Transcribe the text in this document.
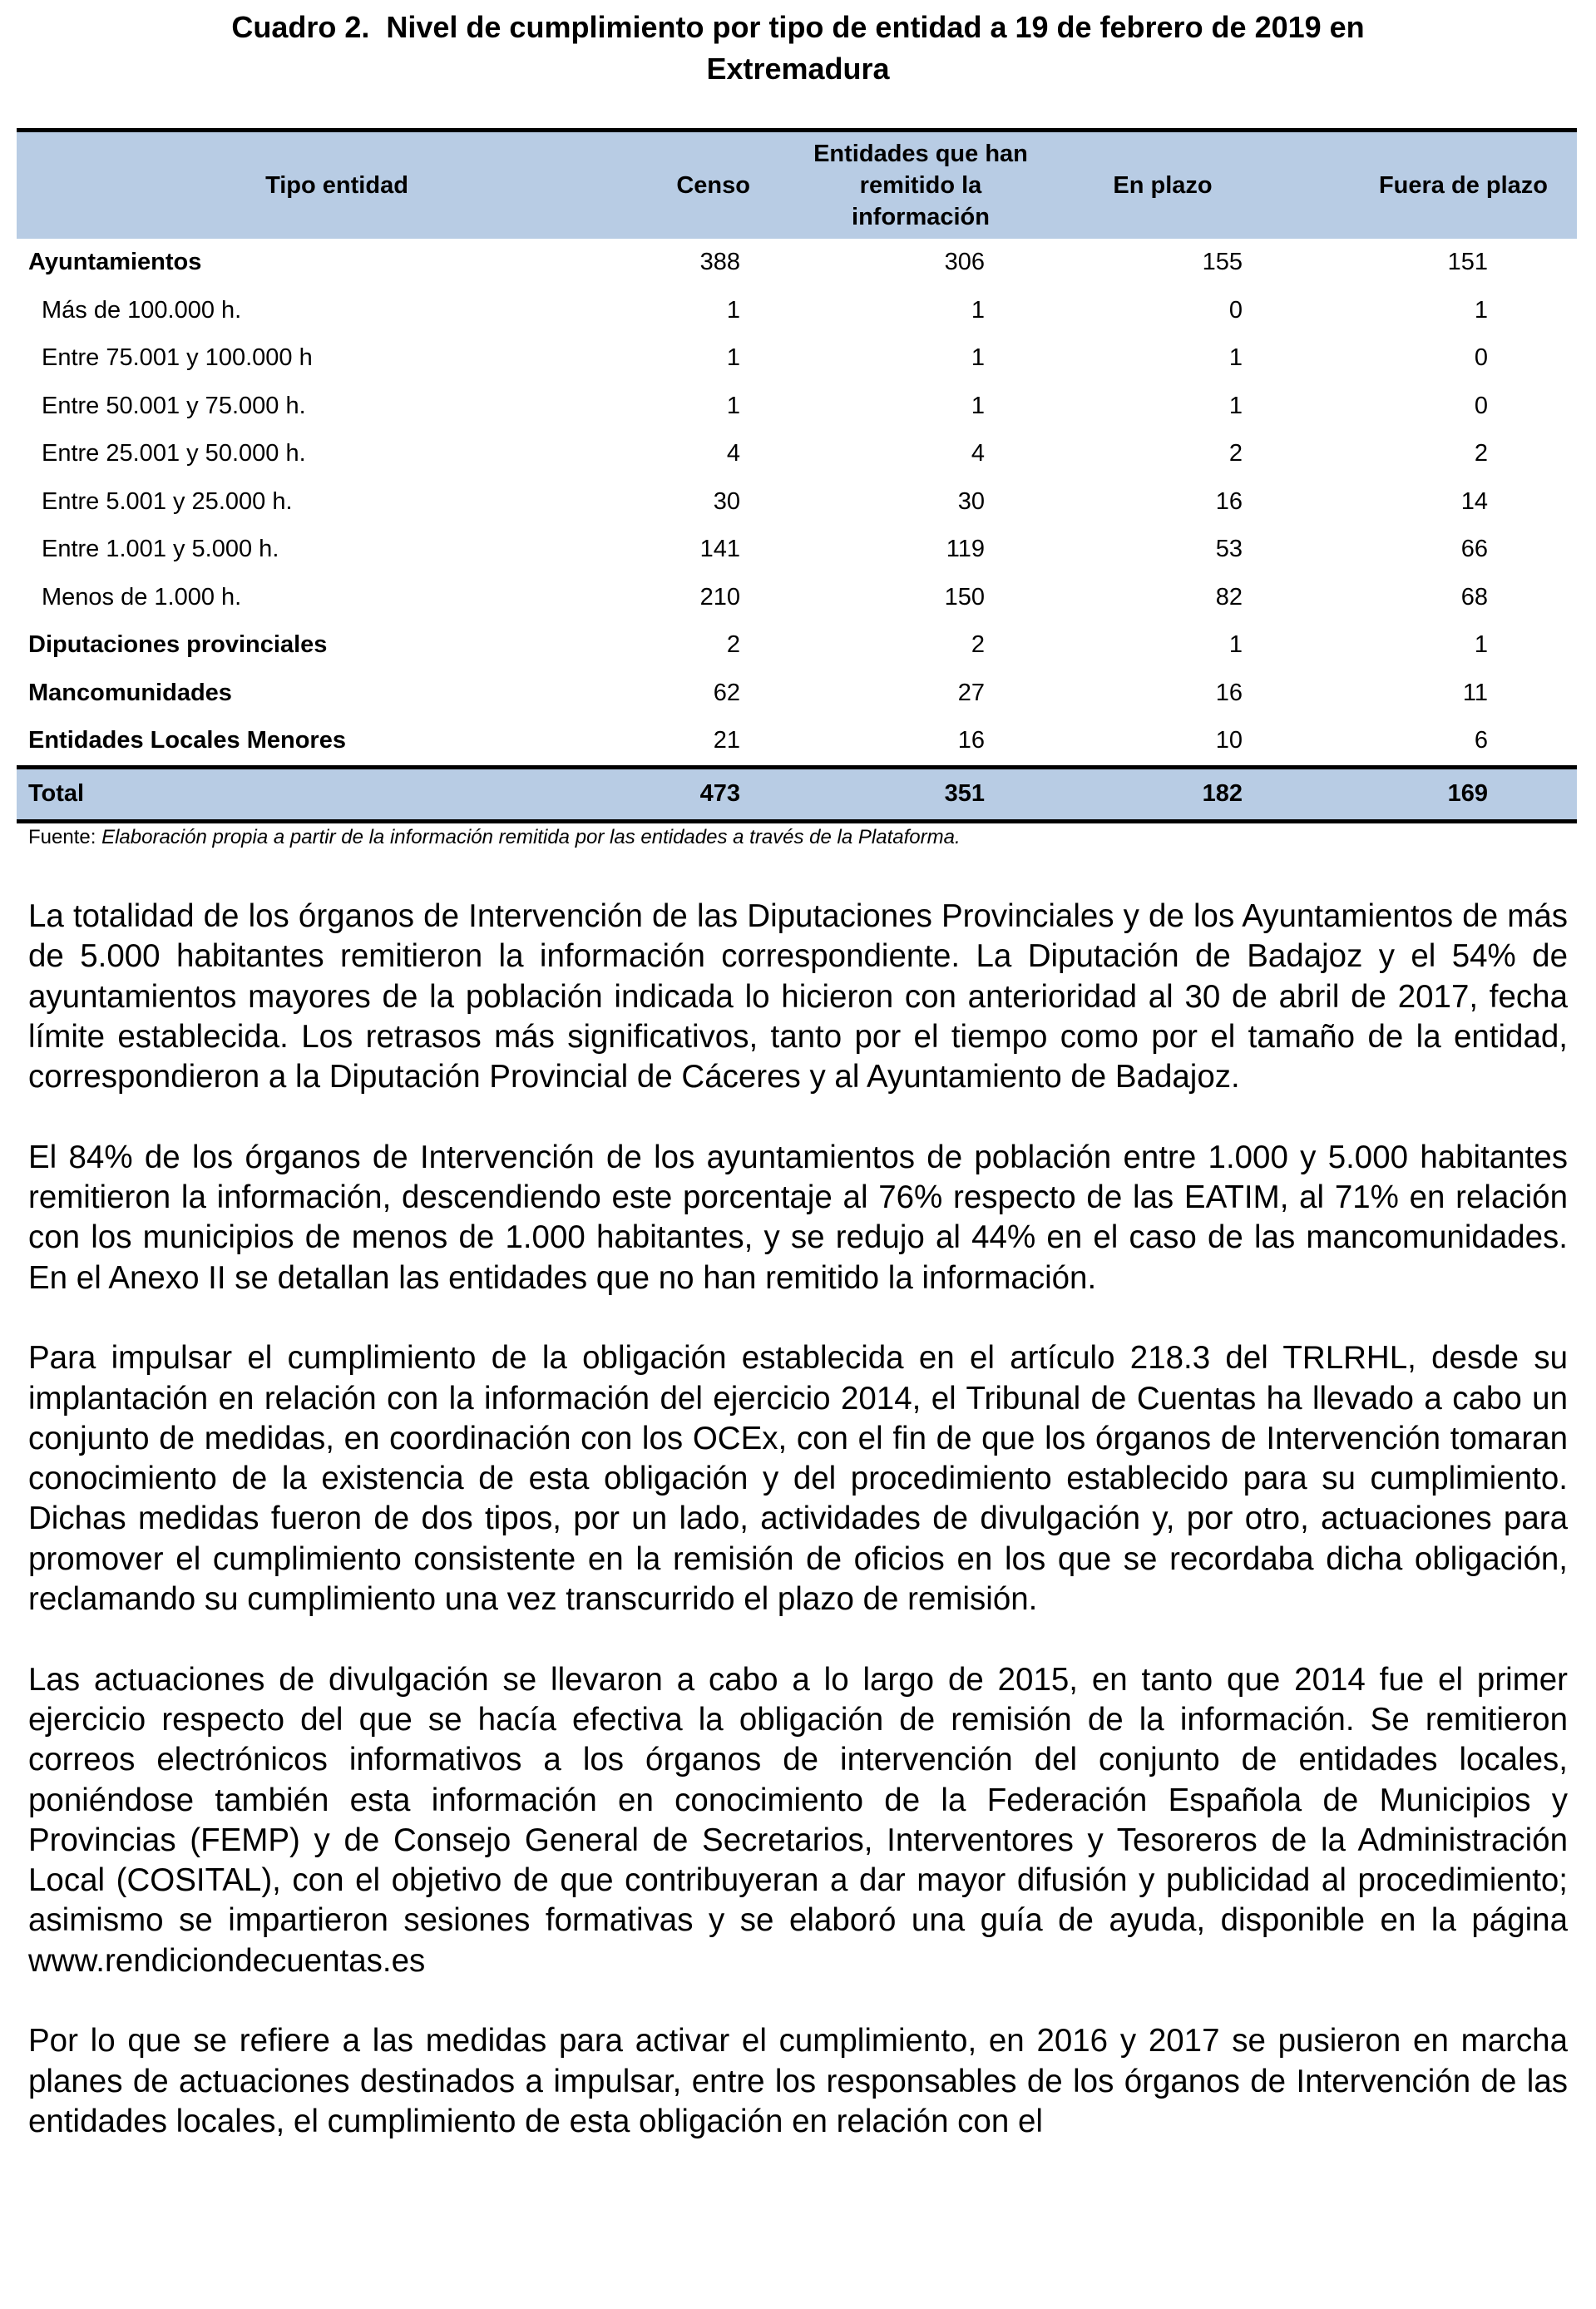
Cuadro 2. Nivel de cumplimiento por tipo de entidad a 19 de febrero de 2019 en
Extremadura
Tipo entidad	Censo	Entidades que han remitido la información	En plazo	Fuera de plazo
Ayuntamientos	388	306	155	151
Más de 100.000 h.	1	1	0	1
Entre 75.001 y 100.000 h	1	1	1	0
Entre 50.001 y 75.000 h.	1	1	1	0
Entre 25.001 y 50.000 h.	4	4	2	2
Entre 5.001 y 25.000 h.	30	30	16	14
Entre 1.001 y 5.000 h.	141	119	53	66
Menos de 1.000 h.	210	150	82	68
Diputaciones provinciales	2	2	1	1
Mancomunidades	62	27	16	11
Entidades Locales Menores	21	16	10	6
Total	473	351	182	169
Fuente: Elaboración propia a partir de la información remitida por las entidades a través de la Plataforma.

La totalidad de los órganos de Intervención de las Diputaciones Provinciales y de los Ayuntamientos de más de 5.000 habitantes remitieron la información correspondiente. La Diputación de Badajoz y el 54% de ayuntamientos mayores de la población indicada lo hicieron con anterioridad al 30 de abril de 2017, fecha límite establecida. Los retrasos más significativos, tanto por el tiempo como por el tamaño de la entidad, correspondieron a la Diputación Provincial de Cáceres y al Ayuntamiento de Badajoz.

El 84% de los órganos de Intervención de los ayuntamientos de población entre 1.000 y 5.000 habitantes remitieron la información, descendiendo este porcentaje al 76% respecto de las EATIM, al 71% en relación con los municipios de menos de 1.000 habitantes, y se redujo al 44% en el caso de las mancomunidades. En el Anexo II se detallan las entidades que no han remitido la información.

Para impulsar el cumplimiento de la obligación establecida en el artículo 218.3 del TRLRHL, desde su implantación en relación con la información del ejercicio 2014, el Tribunal de Cuentas ha llevado a cabo un conjunto de medidas, en coordinación con los OCEx, con el fin de que los órganos de Intervención tomaran conocimiento de la existencia de esta obligación y del procedimiento establecido para su cumplimiento. Dichas medidas fueron de dos tipos, por un lado, actividades de divulgación y, por otro, actuaciones para promover el cumplimiento consistente en la remisión de oficios en los que se recordaba dicha obligación, reclamando su cumplimiento una vez transcurrido el plazo de remisión.

Las actuaciones de divulgación se llevaron a cabo a lo largo de 2015, en tanto que 2014 fue el primer ejercicio respecto del que se hacía efectiva la obligación de remisión de la información. Se remitieron correos electrónicos informativos a los órganos de intervención del conjunto de entidades locales, poniéndose también esta información en conocimiento de la Federación Española de Municipios y Provincias (FEMP) y de Consejo General de Secretarios, Interventores y Tesoreros de la Administración Local (COSITAL), con el objetivo de que contribuyeran a dar mayor difusión y publicidad al procedimiento; asimismo se impartieron sesiones formativas y se elaboró una guía de ayuda, disponible en la página www.rendiciondecuentas.es

Por lo que se refiere a las medidas para activar el cumplimiento, en 2016 y 2017 se pusieron en marcha planes de actuaciones destinados a impulsar, entre los responsables de los órganos de Intervención de las entidades locales, el cumplimiento de esta obligación en relación con el
